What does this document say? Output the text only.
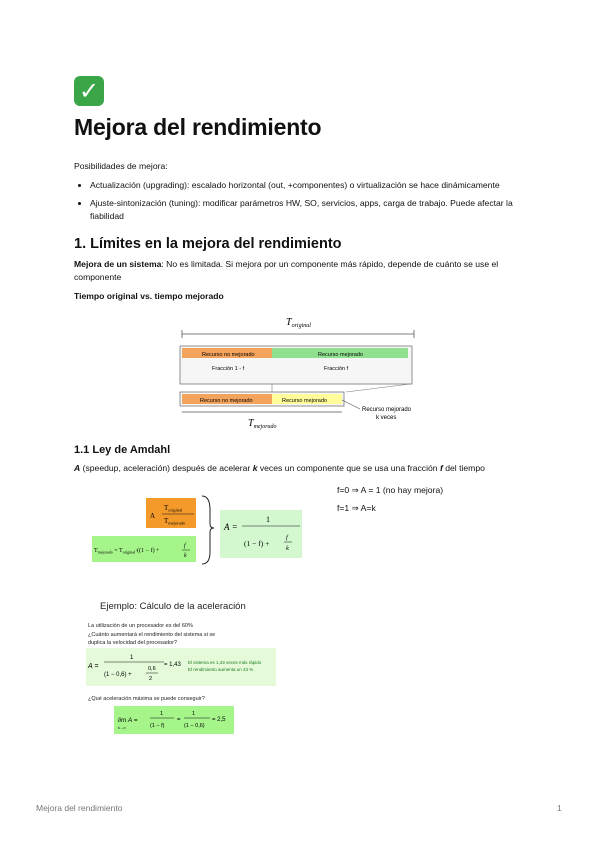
✓
Mejora del rendimiento
Posibilidades de mejora:
• Actualización (upgrading): escalado horizontal (out, +componentes) o virtualización se hace dinámicamente
• Ajuste-sintonización (tuning): modificar parámetros HW, SO, servicios, apps, carga de trabajo. Puede afectar la fiabilidad
1. Límites en la mejora del rendimiento
Mejora de un sistema: No es limitada. Si mejora por un componente más rápido, depende de cuánto se use el componente
Tiempo original vs. tiempo mejorado
$T_{original}$
Recurso no mejorado	Recurso mejorado
Fracción 1 - f	Fracción f
Recurso no mejorado	Recurso mejorado
Recurso mejorado
k veces
$T_{mejorado}$
1.1 Ley de Amdahl
A (speedup, aceleración) después de acelerar k veces un componente que se usa una fracción f del tiempo
A
$T_{original}$
$T_{mejorado}$
$T_{mejorado} = T_{original}\cdot((1 - f)$ +
f
k
A =
1
(1 − f) +
f
k
f=0 ⇒ A = 1 (no hay mejora)
f=1 ⇒ A=k
Ejemplo: Cálculo de la aceleración
La utilización de un procesador es del 60%
¿Cuánto aumentará el rendimiento del sistema si se
duplica la velocidad del procesador?
A =
1
(1 − 0,6) +
0,6
2
= 1,43 El sistema es 1,43 veces más rápido
El rendimiento aumenta un 43 %
¿Qué aceleración máxima se puede conseguir?
lim A =
k→∞
1
(1 − f)
=
1
(1 − 0,6)
= 2,5
Mejora del rendimiento	1
